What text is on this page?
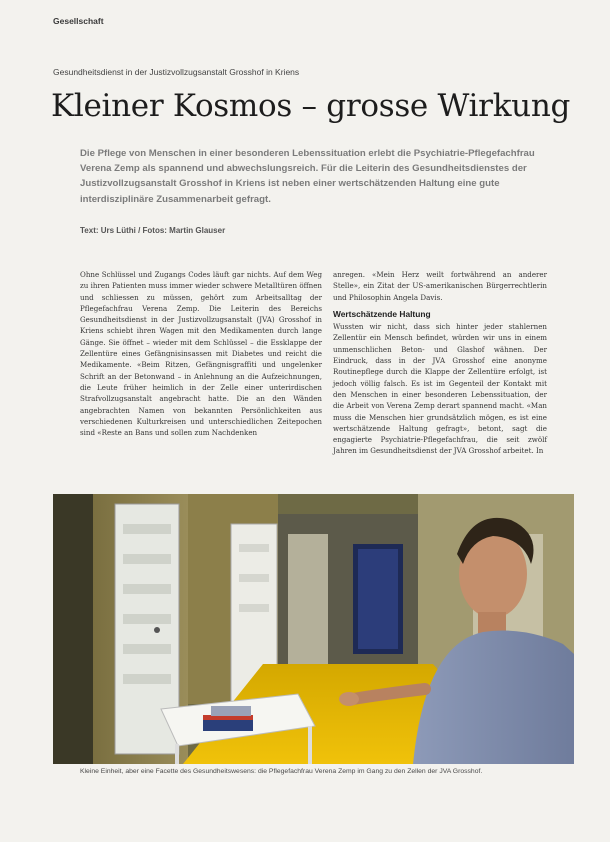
Gesellschaft
Gesundheitsdienst in der Justizvollzugsanstalt Grosshof in Kriens
Kleiner Kosmos – grosse Wirkung
Die Pflege von Menschen in einer besonderen Lebenssituation erlebt die Psychiatrie-Pflegefachfrau Verena Zemp als spannend und abwechslungsreich. Für die Leiterin des Gesundheitsdienstes der Justizvollzugsanstalt Grosshof in Kriens ist neben einer wertschätzenden Haltung eine gute interdisziplinäre Zusammenarbeit gefragt.
Text: Urs Lüthi / Fotos: Martin Glauser

Ohne Schlüssel und Zugangs Codes läuft gar nichts. Auf dem Weg zu ihren Patienten muss immer wieder schwere Metalltüren öffnen und schliessen zu müssen, gehört zum Arbeitsalltag der Pflegefachfrau Verena Zemp. Die Leiterin des Bereichs Gesundheitsdienst in der Justizvollzugsanstalt (JVA) Grosshof in Kriens schiebt ihren Wagen mit den Medikamenten durch lange Gänge. Sie öffnet – wieder mit dem Schlüssel – die Essklappe der Zellentüre eines Gefängnisinsassen mit Diabetes und reicht die Medikamente. «Beim Ritzen, Gefängnisgraffiti und ungelenker Schrift an der Betonwand – in Anlehnung an die Aufzeichnungen, die Leute früher heimlich in der Zelle einer unterirdischen Strafvollzugsanstalt angebracht hatte. Die an den Wänden angebrachten Namen von bekannten Persönlichkeiten aus verschiedenen Kulturkreisen und unterschiedlichen Zeitepochen sind «Reste an Bans und sollen zum Nachdenken

anregen. «Mein Herz weilt fortwährend an anderer Stelle», ein Zitat der US-amerikanischen Bürgerrechtlerin und Philosophin Angela Davis.

Wertschätzende Haltung

Wussten wir nicht, dass sich hinter jeder stahlernen Zellentür ein Mensch befindet, würden wir uns in einem unmenschlichen Beton- und Glashof wähnen. Der Eindruck, dass in der JVA Grosshof eine anonyme Routinepflege durch die Klappe der Zellentüre erfolgt, ist jedoch völlig falsch. Es ist im Gegenteil der Kontakt mit den Menschen in einer besonderen Lebenssituation, der die Arbeit von Verena Zemp derart spannend macht. «Man muss die Menschen hier grundsätzlich mögen, es ist eine wertschätzende Haltung gefragt», betont, sagt die engagierte Psychiatrie-Pflegefachfrau, die seit zwölf Jahren im Gesundheitsdienst der JVA Grosshof arbeitet. In

Kleine Einheit, aber eine Facette des Gesundheitswesens: die Pflegefachfrau Verena Zemp im Gang zu den Zellen der JVA Grosshof.
